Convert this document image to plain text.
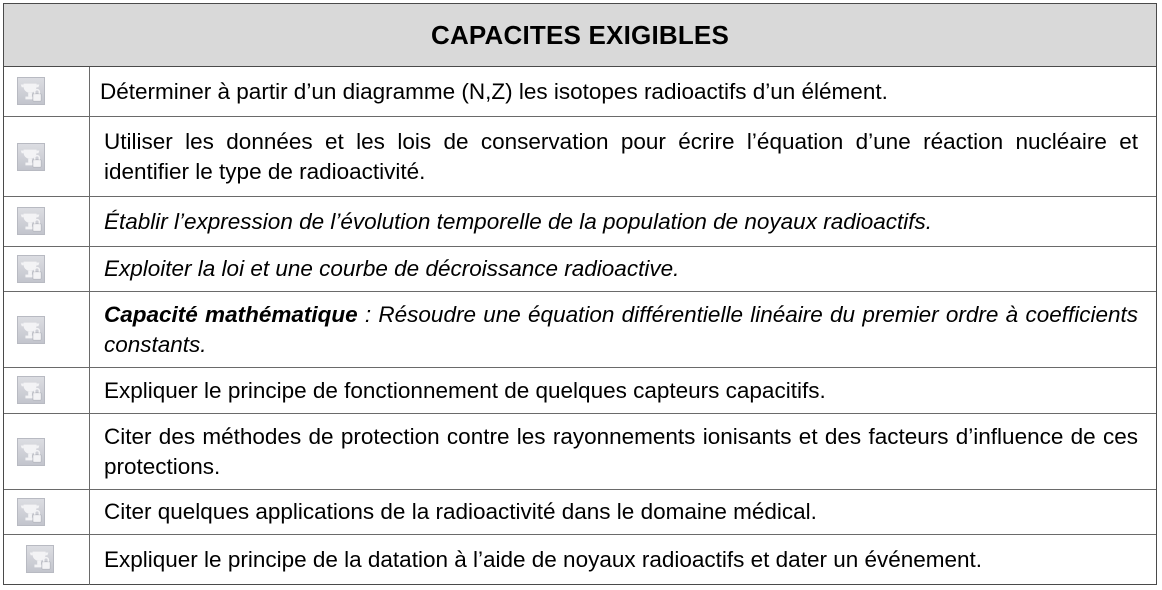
CAPACITES EXIGIBLES
Déterminer à partir d’un diagramme (N,Z) les isotopes radioactifs d’un élément.
Utiliser les données et les lois de conservation pour écrire l’équation d’une réaction nucléaire et identifier le type de radioactivité.
Établir l’expression de l’évolution temporelle de la population de noyaux radioactifs.
Exploiter la loi et une courbe de décroissance radioactive.
Capacité mathématique : Résoudre une équation différentielle linéaire du premier ordre à coefficients constants.
Expliquer le principe de fonctionnement de quelques capteurs capacitifs.
Citer des méthodes de protection contre les rayonnements ionisants et des facteurs d’influence de ces protections.
Citer quelques applications de la radioactivité dans le domaine médical.
Expliquer le principe de la datation à l’aide de noyaux radioactifs et dater un événement.
